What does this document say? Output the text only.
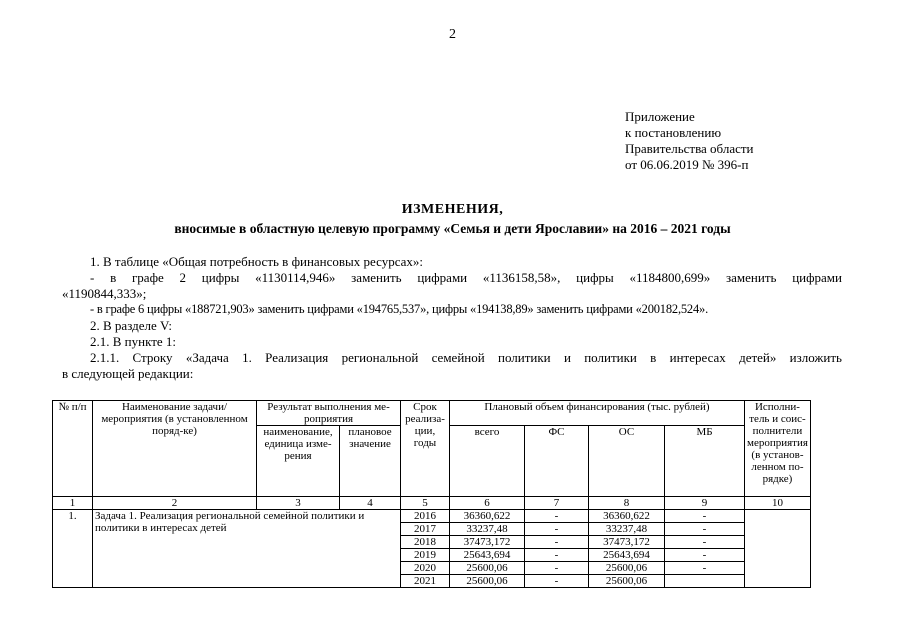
2
Приложение
к постановлению
Правительства области
от 06.06.2019 № 396-п
ИЗМЕНЕНИЯ,
вносимые в областную целевую программу «Семья и дети Ярославии» на 2016 – 2021 годы
1. В таблице «Общая потребность в финансовых ресурсах»:
- в графе 2 цифры «1130114,946» заменить цифрами «1136158,58», цифры «1184800,699» заменить цифрами
«1190844,333»;
- в графе 6 цифры «188721,903» заменить цифрами «194765,537», цифры «194138,89» заменить цифрами «200182,524».
2. В разделе V:
2.1. В пункте 1:
2.1.1. Строку «Задача 1. Реализация региональной семейной политики и политики в интересах детей» изложить
в следующей редакции:
№ п/п	Наименование задачи/мероприятия (в установленном поряд-ке)	Результат выполнения ме-роприятия		Срок реализа-ции, годы	Плановый объем финансирования (тыс. рублей)				Исполни-тель и соис-полнители мероприятия (в установ-ленном по-рядке)
		наименование, единица изме-рения	плановое значение		всего	ФС	ОС	МБ	
1	2	3	4	5	6	7	8	9	10
1.	Задача 1. Реализация региональной семейной политики и политики в интересах детей			2016	36360,622	-	36360,622	-	
				2017	33237,48	-	33237,48	-	
				2018	37473,172	-	37473,172	-	
				2019	25643,694	-	25643,694	-	
				2020	25600,06	-	25600,06	-	
				2021	25600,06	-	25600,06		
